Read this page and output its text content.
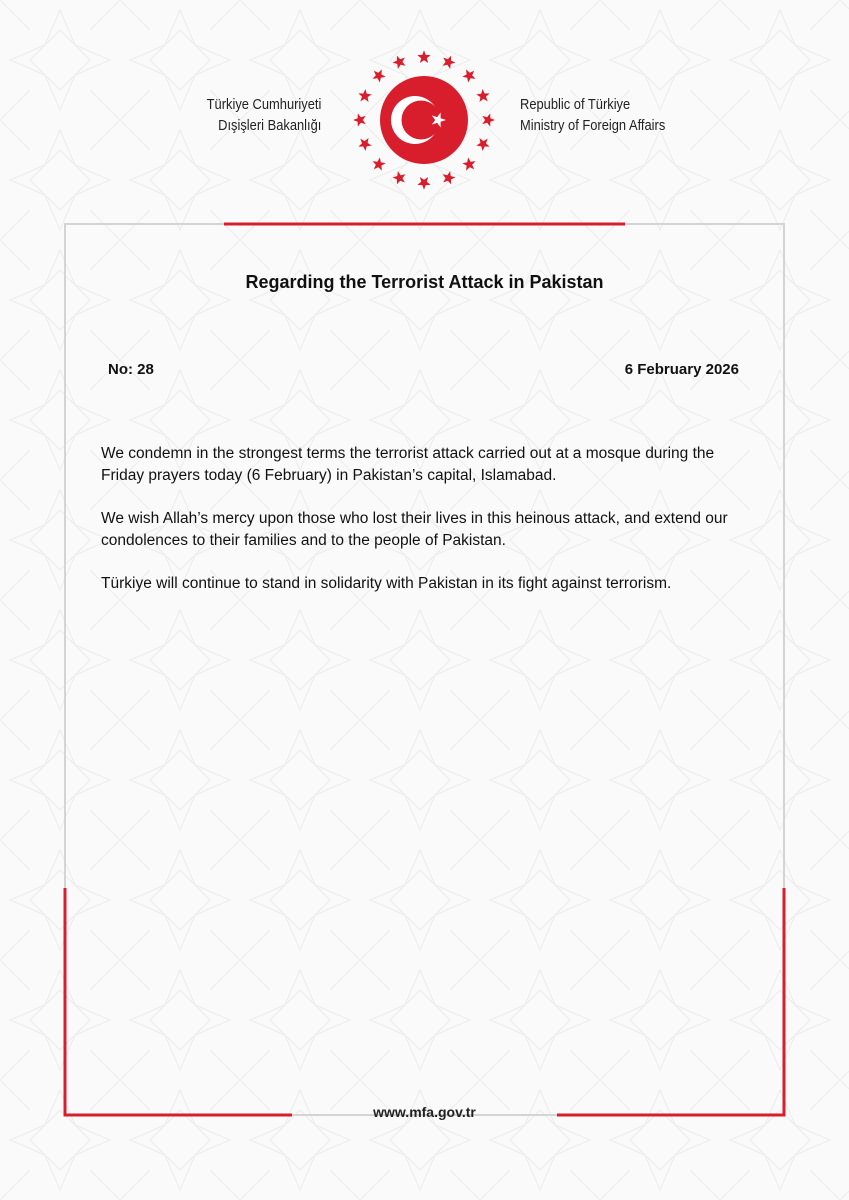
Türkiye Cumhuriyeti
Dışişleri Bakanlığı
Republic of Türkiye
Ministry of Foreign Affairs
Regarding the Terrorist Attack in Pakistan
No: 28	6 February 2026

We condemn in the strongest terms the terrorist attack carried out at a mosque during the Friday prayers today (6 February) in Pakistan’s capital, Islamabad.

We wish Allah’s mercy upon those who lost their lives in this heinous attack, and extend our condolences to their families and to the people of Pakistan.

Türkiye will continue to stand in solidarity with Pakistan in its fight against terrorism.

www.mfa.gov.tr
